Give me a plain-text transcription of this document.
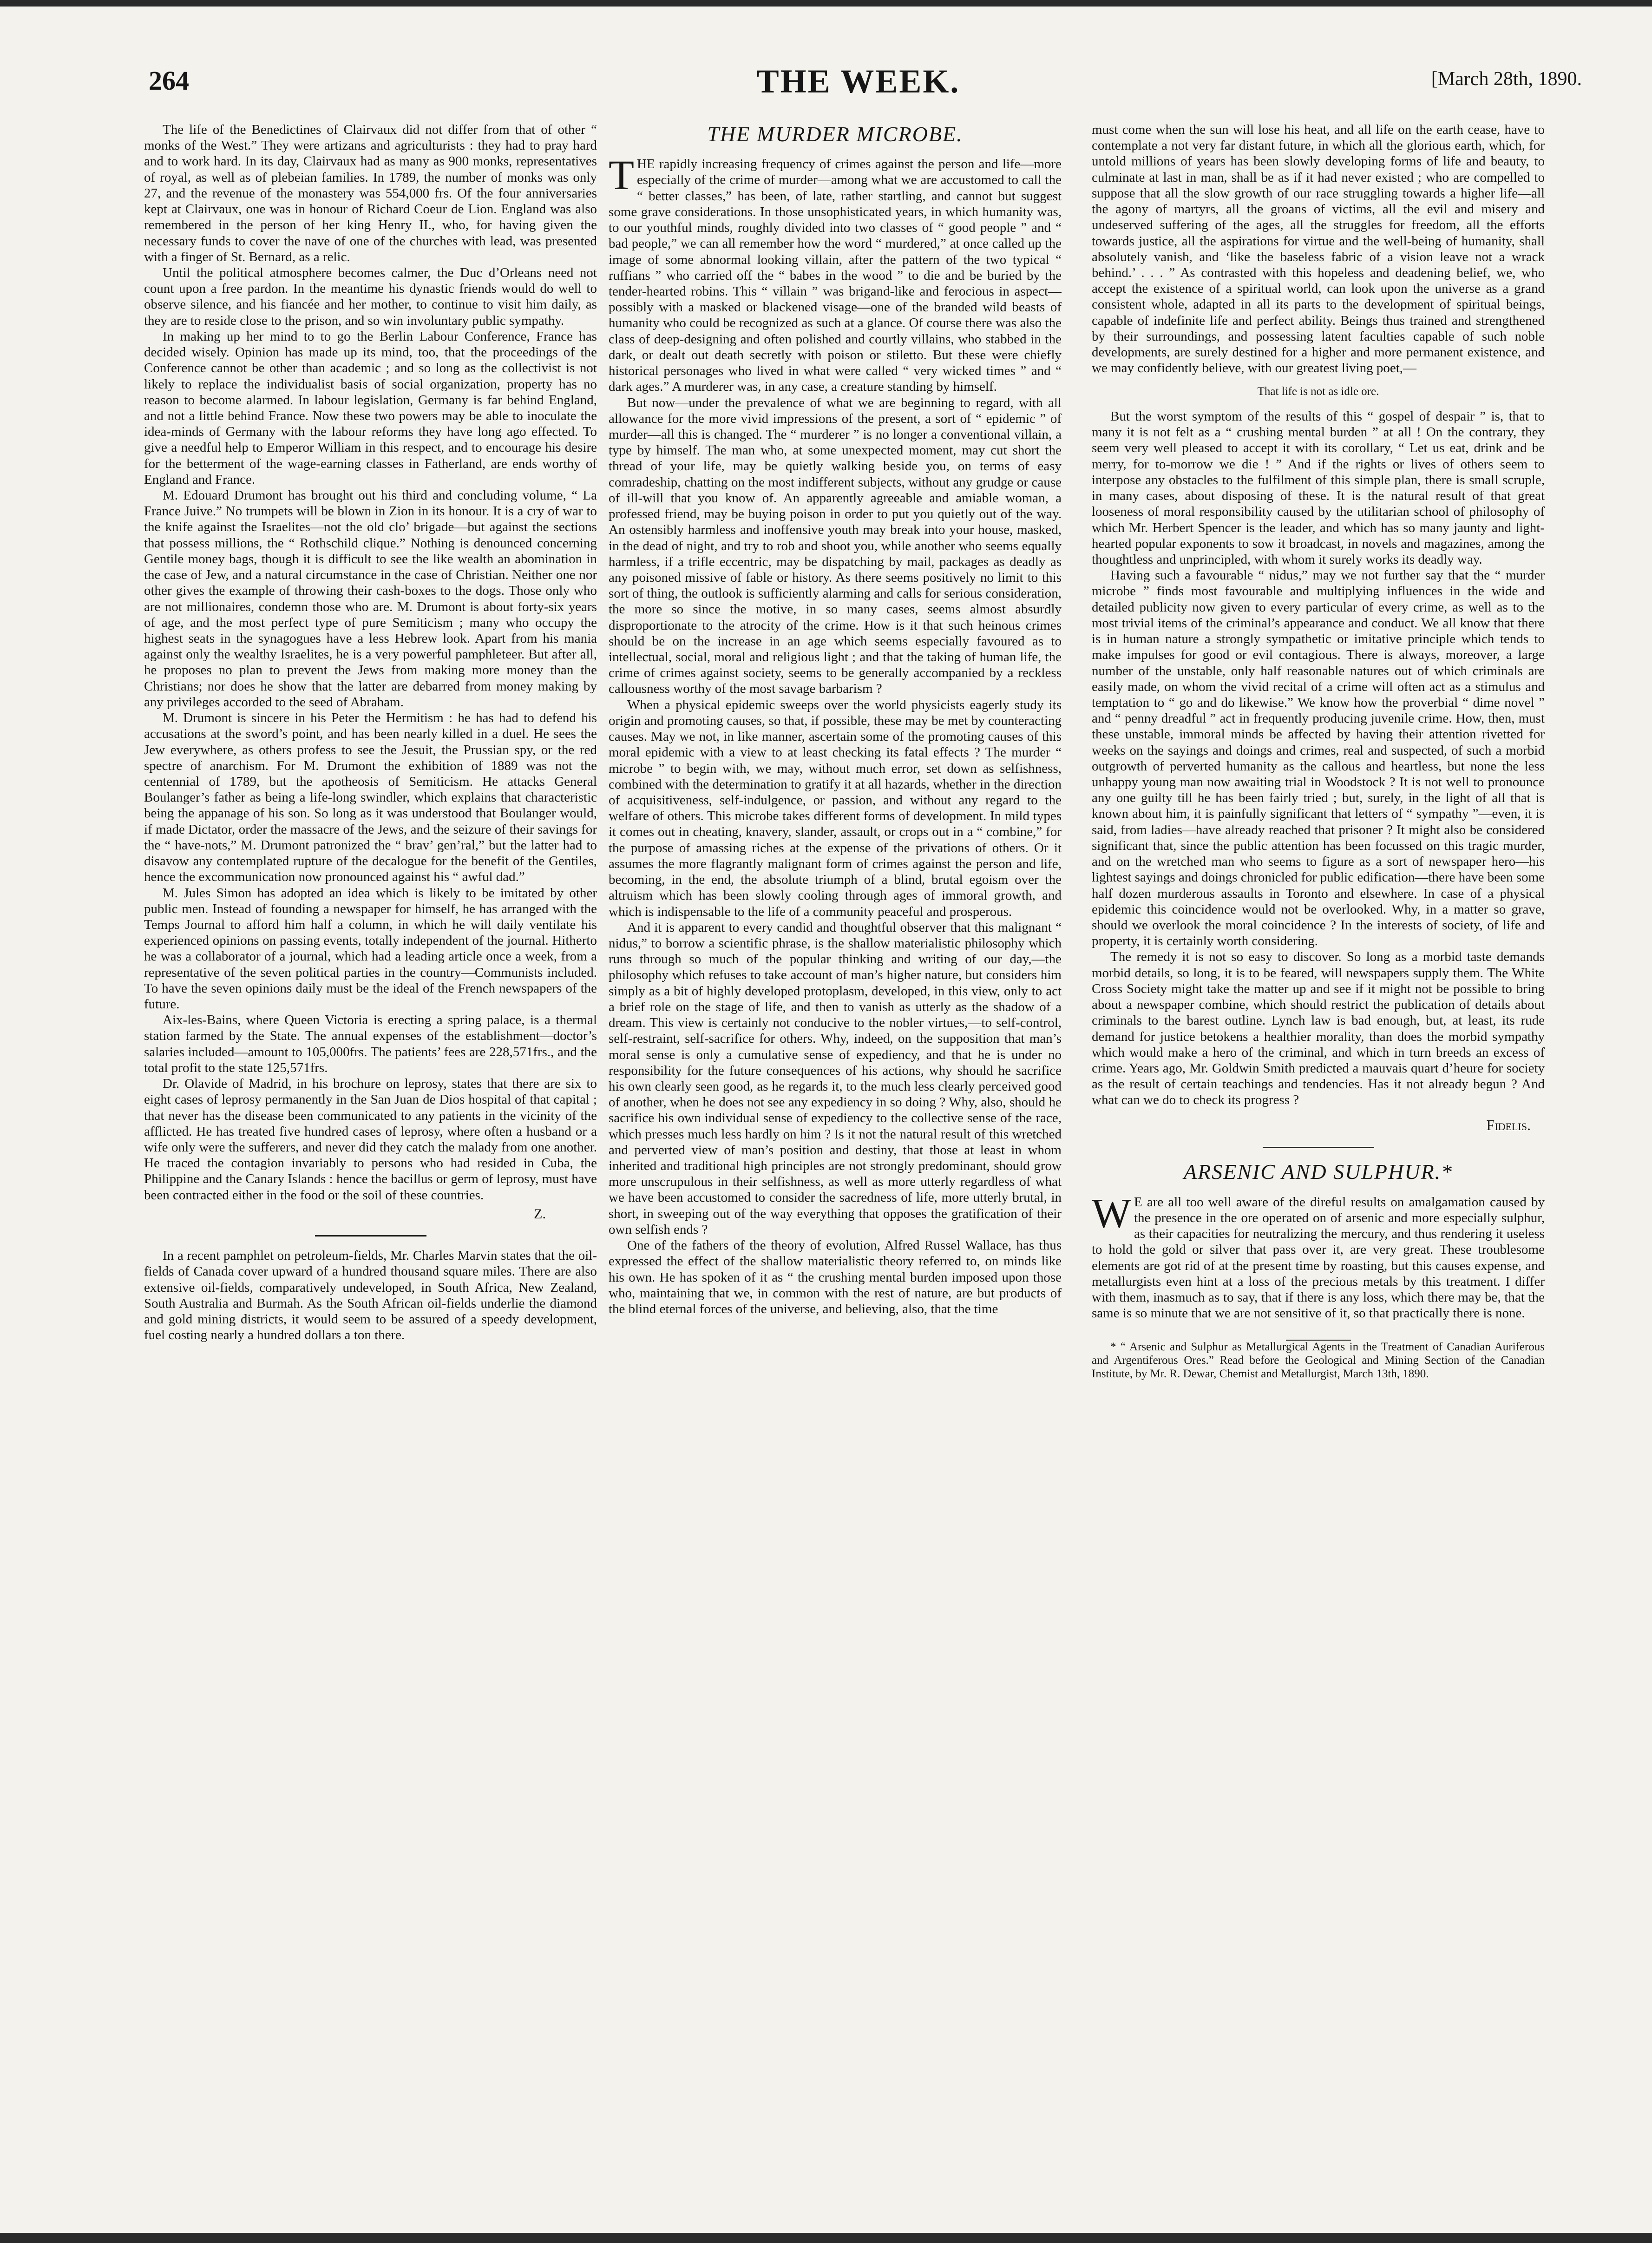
264	THE WEEK.	[March 28th, 1890.

The life of the Benedictines of Clairvaux did not differ from that of other “ monks of the West.” They were artizans and agriculturists : they had to pray hard and to work hard. In its day, Clairvaux had as many as 900 monks, representatives of royal, as well as of plebeian families. In 1789, the number of monks was only 27, and the revenue of the monastery was 554,000 frs. Of the four anniversaries kept at Clairvaux, one was in honour of Richard Coeur de Lion. England was also remembered in the person of her king Henry II., who, for having given the necessary funds to cover the nave of one of the churches with lead, was presented with a finger of St. Bernard, as a relic.

Until the political atmosphere becomes calmer, the Duc d’Orleans need not count upon a free pardon. In the meantime his dynastic friends would do well to observe silence, and his fiancée and her mother, to continue to visit him daily, as they are to reside close to the prison, and so win involuntary public sympathy.

In making up her mind to to go the Berlin Labour Conference, France has decided wisely. Opinion has made up its mind, too, that the proceedings of the Conference cannot be other than academic ; and so long as the collectivist is not likely to replace the individualist basis of social organization, property has no reason to become alarmed. In labour legislation, Germany is far behind England, and not a little behind France. Now these two powers may be able to inoculate the idea-minds of Germany with the labour reforms they have long ago effected. To give a needful help to Emperor William in this respect, and to encourage his desire for the betterment of the wage-earning classes in Fatherland, are ends worthy of England and France.

M. Edouard Drumont has brought out his third and concluding volume, “ La France Juive.” No trumpets will be blown in Zion in its honour. It is a cry of war to the knife against the Israelites—not the old clo’ brigade—but against the sections that possess millions, the “ Rothschild clique.” Nothing is denounced concerning Gentile money bags, though it is difficult to see the like wealth an abomination in the case of Jew, and a natural circumstance in the case of Christian. Neither one nor other gives the example of throwing their cash-boxes to the dogs. Those only who are not millionaires, condemn those who are. M. Drumont is about forty-six years of age, and the most perfect type of pure Semiticism ; many who occupy the highest seats in the synagogues have a less Hebrew look. Apart from his mania against only the wealthy Israelites, he is a very powerful pamphleteer. But after all, he proposes no plan to prevent the Jews from making more money than the Christians; nor does he show that the latter are debarred from money making by any privileges accorded to the seed of Abraham.

M. Drumont is sincere in his Peter the Hermitism : he has had to defend his accusations at the sword’s point, and has been nearly killed in a duel. He sees the Jew everywhere, as others profess to see the Jesuit, the Prussian spy, or the red spectre of anarchism. For M. Drumont the exhibition of 1889 was not the centennial of 1789, but the apotheosis of Semiticism. He attacks General Boulanger’s father as being a life-long swindler, which explains that characteristic being the appanage of his son. So long as it was understood that Boulanger would, if made Dictator, order the massacre of the Jews, and the seizure of their savings for the “ have-nots,” M. Drumont patronized the “ brav’ gen’ral,” but the latter had to disavow any contemplated rupture of the decalogue for the benefit of the Gentiles, hence the excommunication now pronounced against his “ awful dad.”

M. Jules Simon has adopted an idea which is likely to be imitated by other public men. Instead of founding a newspaper for himself, he has arranged with the Temps Journal to afford him half a column, in which he will daily ventilate his experienced opinions on passing events, totally independent of the journal. Hitherto he was a collaborator of a journal, which had a leading article once a week, from a representative of the seven political parties in the country—Communists included. To have the seven opinions daily must be the ideal of the French newspapers of the future.

Aix-les-Bains, where Queen Victoria is erecting a spring palace, is a thermal station farmed by the State. The annual expenses of the establishment—doctor’s salaries included—amount to 105,000frs. The patients’ fees are 228,571frs., and the total profit to the state 125,571frs.

Dr. Olavide of Madrid, in his brochure on leprosy, states that there are six to eight cases of leprosy permanently in the San Juan de Dios hospital of that capital ; that never has the disease been communicated to any patients in the vicinity of the afflicted. He has treated five hundred cases of leprosy, where often a husband or a wife only were the sufferers, and never did they catch the malady from one another. He traced the contagion invariably to persons who had resided in Cuba, the Philippine and the Canary Islands : hence the bacillus or germ of leprosy, must have been contracted either in the food or the soil of these countries.

Z.

In a recent pamphlet on petroleum-fields, Mr. Charles Marvin states that the oil-fields of Canada cover upward of a hundred thousand square miles. There are also extensive oil-fields, comparatively undeveloped, in South Africa, New Zealand, South Australia and Burmah. As the South African oil-fields underlie the diamond and gold mining districts, it would seem to be assured of a speedy development, fuel costing nearly a hundred dollars a ton there.

THE MURDER MICROBE.

THE rapidly increasing frequency of crimes against the person and life—more especially of the crime of murder—among what we are accustomed to call the “ better classes,” has been, of late, rather startling, and cannot but suggest some grave considerations. In those unsophisticated years, in which humanity was, to our youthful minds, roughly divided into two classes of “ good people ” and “ bad people,” we can all remember how the word “ murdered,” at once called up the image of some abnormal looking villain, after the pattern of the two typical “ ruffians ” who carried off the “ babes in the wood ” to die and be buried by the tender-hearted robins. This “ villain ” was brigand-like and ferocious in aspect—possibly with a masked or blackened visage—one of the branded wild beasts of humanity who could be recognized as such at a glance. Of course there was also the class of deep-designing and often polished and courtly villains, who stabbed in the dark, or dealt out death secretly with poison or stiletto. But these were chiefly historical personages who lived in what were called “ very wicked times ” and “ dark ages.” A murderer was, in any case, a creature standing by himself.

But now—under the prevalence of what we are beginning to regard, with all allowance for the more vivid impressions of the present, a sort of “ epidemic ” of murder—all this is changed. The “ murderer ” is no longer a conventional villain, a type by himself. The man who, at some unexpected moment, may cut short the thread of your life, may be quietly walking beside you, on terms of easy comradeship, chatting on the most indifferent subjects, without any grudge or cause of ill-will that you know of. An apparently agreeable and amiable woman, a professed friend, may be buying poison in order to put you quietly out of the way. An ostensibly harmless and inoffensive youth may break into your house, masked, in the dead of night, and try to rob and shoot you, while another who seems equally harmless, if a trifle eccentric, may be dispatching by mail, packages as deadly as any poisoned missive of fable or history. As there seems positively no limit to this sort of thing, the outlook is sufficiently alarming and calls for serious consideration, the more so since the motive, in so many cases, seems almost absurdly disproportionate to the atrocity of the crime. How is it that such heinous crimes should be on the increase in an age which seems especially favoured as to intellectual, social, moral and religious light ; and that the taking of human life, the crime of crimes against society, seems to be generally accompanied by a reckless callousness worthy of the most savage barbarism ?

When a physical epidemic sweeps over the world physicists eagerly study its origin and promoting causes, so that, if possible, these may be met by counteracting causes. May we not, in like manner, ascertain some of the promoting causes of this moral epidemic with a view to at least checking its fatal effects ? The murder “ microbe ” to begin with, we may, without much error, set down as selfishness, combined with the determination to gratify it at all hazards, whether in the direction of acquisitiveness, self-indulgence, or passion, and without any regard to the welfare of others. This microbe takes different forms of development. In mild types it comes out in cheating, knavery, slander, assault, or crops out in a “ combine,” for the purpose of amassing riches at the expense of the privations of others. Or it assumes the more flagrantly malignant form of crimes against the person and life, becoming, in the end, the absolute triumph of a blind, brutal egoism over the altruism which has been slowly cooling through ages of immoral growth, and which is indispensable to the life of a community peaceful and prosperous.

And it is apparent to every candid and thoughtful observer that this malignant “ nidus,” to borrow a scientific phrase, is the shallow materialistic philosophy which runs through so much of the popular thinking and writing of our day,—the philosophy which refuses to take account of man’s higher nature, but considers him simply as a bit of highly developed protoplasm, developed, in this view, only to act a brief role on the stage of life, and then to vanish as utterly as the shadow of a dream. This view is certainly not conducive to the nobler virtues,—to self-control, self-restraint, self-sacrifice for others. Why, indeed, on the supposition that man’s moral sense is only a cumulative sense of expediency, and that he is under no responsibility for the future consequences of his actions, why should he sacrifice his own clearly seen good, as he regards it, to the much less clearly perceived good of another, when he does not see any expediency in so doing ? Why, also, should he sacrifice his own individual sense of expediency to the collective sense of the race, which presses much less hardly on him ? Is it not the natural result of this wretched and perverted view of man’s position and destiny, that those at least in whom inherited and traditional high principles are not strongly predominant, should grow more unscrupulous in their selfishness, as well as more utterly regardless of what we have been accustomed to consider the sacredness of life, more utterly brutal, in short, in sweeping out of the way everything that opposes the gratification of their own selfish ends ?

One of the fathers of the theory of evolution, Alfred Russel Wallace, has thus expressed the effect of the shallow materialistic theory referred to, on minds like his own. He has spoken of it as “ the crushing mental burden imposed upon those who, maintaining that we, in common with the rest of nature, are but products of the blind eternal forces of the universe, and believing, also, that the time

must come when the sun will lose his heat, and all life on the earth cease, have to contemplate a not very far distant future, in which all the glorious earth, which, for untold millions of years has been slowly developing forms of life and beauty, to culminate at last in man, shall be as if it had never existed ; who are compelled to suppose that all the slow growth of our race struggling towards a higher life—all the agony of martyrs, all the groans of victims, all the evil and misery and undeserved suffering of the ages, all the struggles for freedom, all the efforts towards justice, all the aspirations for virtue and the well-being of humanity, shall absolutely vanish, and ‘like the baseless fabric of a vision leave not a wrack behind.’ . . . ” As contrasted with this hopeless and deadening belief, we, who accept the existence of a spiritual world, can look upon the universe as a grand consistent whole, adapted in all its parts to the development of spiritual beings, capable of indefinite life and perfect ability. Beings thus trained and strengthened by their surroundings, and possessing latent faculties capable of such noble developments, are surely destined for a higher and more permanent existence, and we may confidently believe, with our greatest living poet,—

That life is not as idle ore.

But the worst symptom of the results of this “ gospel of despair ” is, that to many it is not felt as a “ crushing mental burden ” at all ! On the contrary, they seem very well pleased to accept it with its corollary, “ Let us eat, drink and be merry, for to-morrow we die ! ” And if the rights or lives of others seem to interpose any obstacles to the fulfilment of this simple plan, there is small scruple, in many cases, about disposing of these. It is the natural result of that great looseness of moral responsibility caused by the utilitarian school of philosophy of which Mr. Herbert Spencer is the leader, and which has so many jaunty and light-hearted popular exponents to sow it broadcast, in novels and magazines, among the thoughtless and unprincipled, with whom it surely works its deadly way.

Having such a favourable “ nidus,” may we not further say that the “ murder microbe ” finds most favourable and multiplying influences in the wide and detailed publicity now given to every particular of every crime, as well as to the most trivial items of the criminal’s appearance and conduct. We all know that there is in human nature a strongly sympathetic or imitative principle which tends to make impulses for good or evil contagious. There is always, moreover, a large number of the unstable, only half reasonable natures out of which criminals are easily made, on whom the vivid recital of a crime will often act as a stimulus and temptation to “ go and do likewise.” We know how the proverbial “ dime novel ” and “ penny dreadful ” act in frequently producing juvenile crime. How, then, must these unstable, immoral minds be affected by having their attention rivetted for weeks on the sayings and doings and crimes, real and suspected, of such a morbid outgrowth of perverted humanity as the callous and heartless, but none the less unhappy young man now awaiting trial in Woodstock ? It is not well to pronounce any one guilty till he has been fairly tried ; but, surely, in the light of all that is known about him, it is painfully significant that letters of “ sympathy ”—even, it is said, from ladies—have already reached that prisoner ? It might also be considered significant that, since the public attention has been focussed on this tragic murder, and on the wretched man who seems to figure as a sort of newspaper hero—his lightest sayings and doings chronicled for public edification—there have been some half dozen murderous assaults in Toronto and elsewhere. In case of a physical epidemic this coincidence would not be overlooked. Why, in a matter so grave, should we overlook the moral coincidence ? In the interests of society, of life and property, it is certainly worth considering.

The remedy it is not so easy to discover. So long as a morbid taste demands morbid details, so long, it is to be feared, will newspapers supply them. The White Cross Society might take the matter up and see if it might not be possible to bring about a newspaper combine, which should restrict the publication of details about criminals to the barest outline. Lynch law is bad enough, but, at least, its rude demand for justice betokens a healthier morality, than does the morbid sympathy which would make a hero of the criminal, and which in turn breeds an excess of crime. Years ago, Mr. Goldwin Smith predicted a mauvais quart d’heure for society as the result of certain teachings and tendencies. Has it not already begun ? And what can we do to check its progress ?

Fidelis.
ARSENIC AND SULPHUR.*

W E are all too well aware of the direful results on amalgamation caused by the presence in the ore operated on of arsenic and more especially sulphur, as their capacities for neutralizing the mercury, and thus rendering it useless to hold the gold or silver that pass over it, are very great. These troublesome elements are got rid of at the present time by roasting, but this causes expense, and metallurgists even hint at a loss of the precious metals by this treatment. I differ with them, inasmuch as to say, that if there is any loss, which there may be, that the same is so minute that we are not sensitive of it, so that practically there is none.

* “ Arsenic and Sulphur as Metallurgical Agents in the Treatment of Canadian Auriferous and Argentiferous Ores.” Read before the Geological and Mining Section of the Canadian Institute, by Mr. R. Dewar, Chemist and Metallurgist, March 13th, 1890.
